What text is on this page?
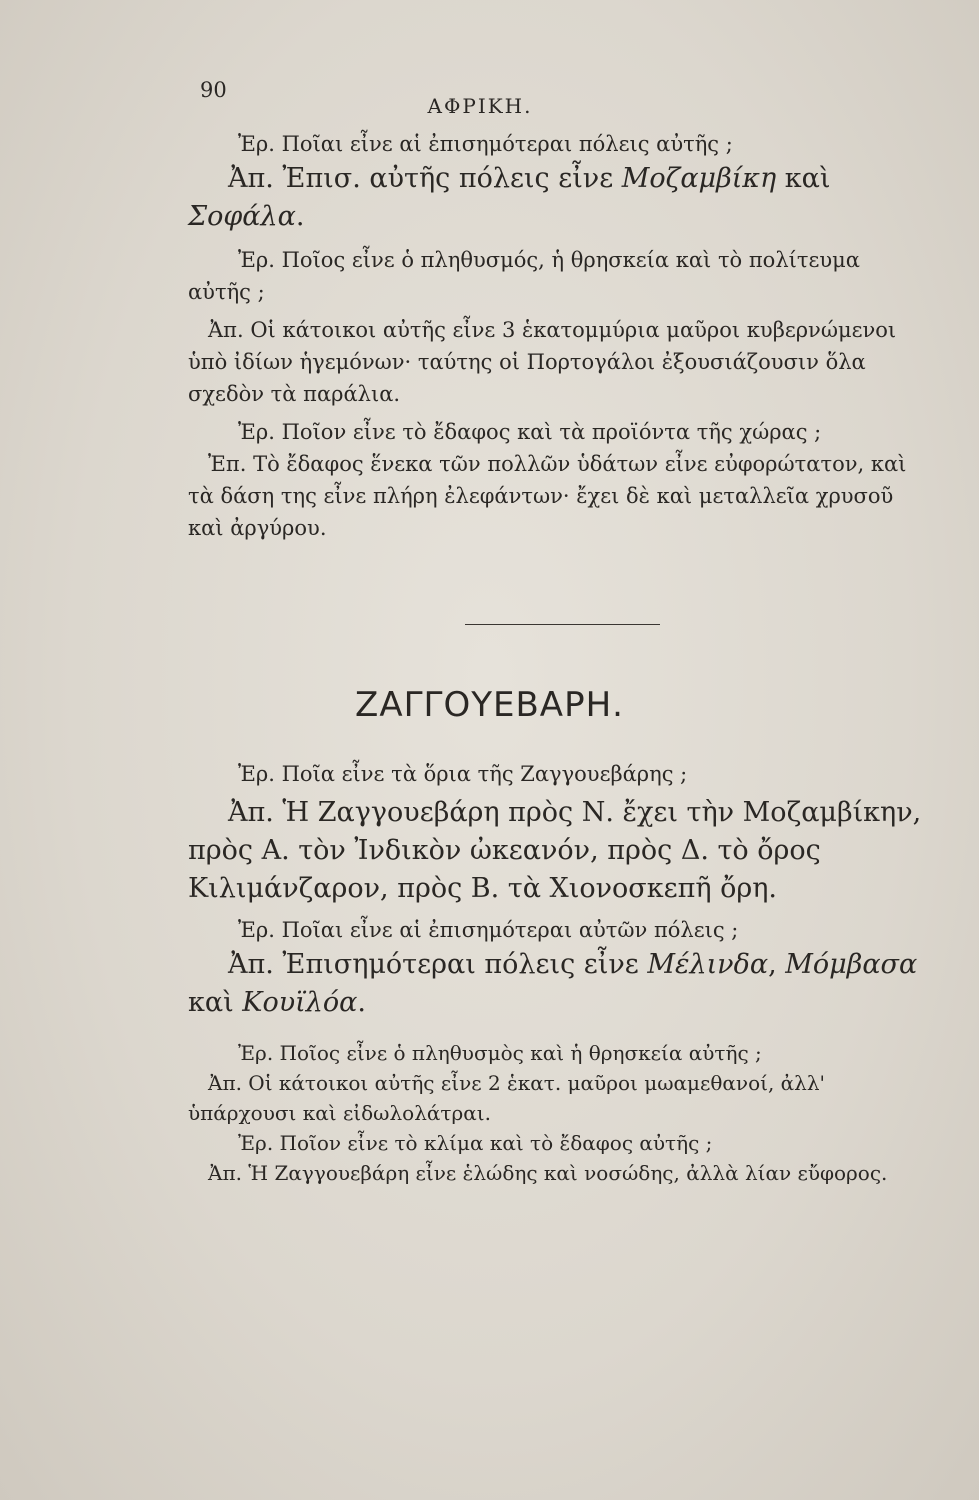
90
ΑΦΡΙΚΗ.

Ἐρ. Ποῖαι εἶνε αἱ ἐπισημότεραι πόλεις αὐτῆς ;

Ἀπ. Ἐπισ. αὐτῆς πόλεις εἶνε Μοζαμβίκη καὶ Σοφάλα.

Ἐρ. Ποῖος εἶνε ὁ πληθυσμός, ἡ θρησκεία καὶ τὸ πολίτευμα αὐτῆς ;

Ἀπ. Οἱ κάτοικοι αὐτῆς εἶνε 3 ἑκατομμύρια μαῦροι κυβερνώμενοι ὑπὸ ἰδίων ἡγεμόνων· ταύτης οἱ Πορτογάλοι ἐξουσιάζουσιν ὅλα σχεδὸν τὰ παράλια.

Ἐρ. Ποῖον εἶνε τὸ ἔδαφος καὶ τὰ προϊόντα τῆς χώρας ;

Ἐπ. Τὸ ἔδαφος ἕνεκα τῶν πολλῶν ὑδάτων εἶνε εὐφορώτατον, καὶ τὰ δάση της εἶνε πλήρη ἐλεφάντων· ἔχει δὲ καὶ μεταλλεῖα χρυσοῦ καὶ ἀργύρου.

ΖΑΓΓΟΥΕΒΑΡΗ.

Ἐρ. Ποῖα εἶνε τὰ ὅρια τῆς Ζαγγουεβάρης ;

Ἀπ. Ἡ Ζαγγουεβάρη πρὸς Ν. ἔχει τὴν Μοζαμβίκην, πρὸς Α. τὸν Ἰνδικὸν ὠκεανόν, πρὸς Δ. τὸ ὄρος Κιλιμάνζαρον, πρὸς Β. τὰ Χιονοσκεπῆ ὄρη.

Ἐρ. Ποῖαι εἶνε αἱ ἐπισημότεραι αὐτῶν πόλεις ;

Ἀπ. Ἐπισημότεραι πόλεις εἶνε Μέλινδα, Μόμβασα καὶ Κουϊλόα.

Ἐρ. Ποῖος εἶνε ὁ πληθυσμὸς καὶ ἡ θρησκεία αὐτῆς ;

Ἀπ. Οἱ κάτοικοι αὐτῆς εἶνε 2 ἑκατ. μαῦροι μωαμεθανοί, ἀλλ' ὑπάρχουσι καὶ εἰδωλολάτραι.

Ἐρ. Ποῖον εἶνε τὸ κλίμα καὶ τὸ ἔδαφος αὐτῆς ;

Ἀπ. Ἡ Ζαγγουεβάρη εἶνε ἑλώδης καὶ νοσώδης, ἀλλὰ λίαν εὔφορος.
